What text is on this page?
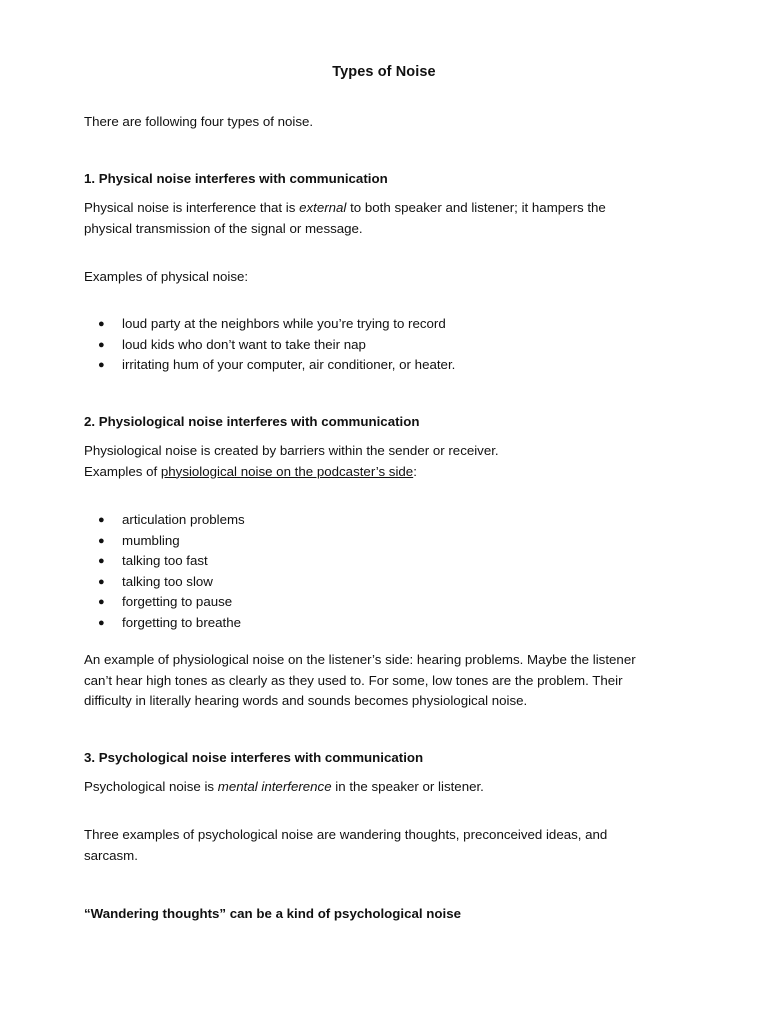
Types of Noise

There are following four types of noise.

1. Physical noise interferes with communication

Physical noise is interference that is external to both speaker and listener; it hampers the
physical transmission of the signal or message.

Examples of physical noise:

● loud party at the neighbors while you’re trying to record
● loud kids who don’t want to take their nap
● irritating hum of your computer, air conditioner, or heater.

2. Physiological noise interferes with communication

Physiological noise is created by barriers within the sender or receiver.
Examples of physiological noise on the podcaster’s side:

● articulation problems
● mumbling
● talking too fast
● talking too slow
● forgetting to pause
● forgetting to breathe

An example of physiological noise on the listener’s side: hearing problems. Maybe the listener
can’t hear high tones as clearly as they used to. For some, low tones are the problem. Their
difficulty in literally hearing words and sounds becomes physiological noise.

3. Psychological noise interferes with communication

Psychological noise is mental interference in the speaker or listener.

Three examples of psychological noise are wandering thoughts, preconceived ideas, and
sarcasm.

“Wandering thoughts” can be a kind of psychological noise
